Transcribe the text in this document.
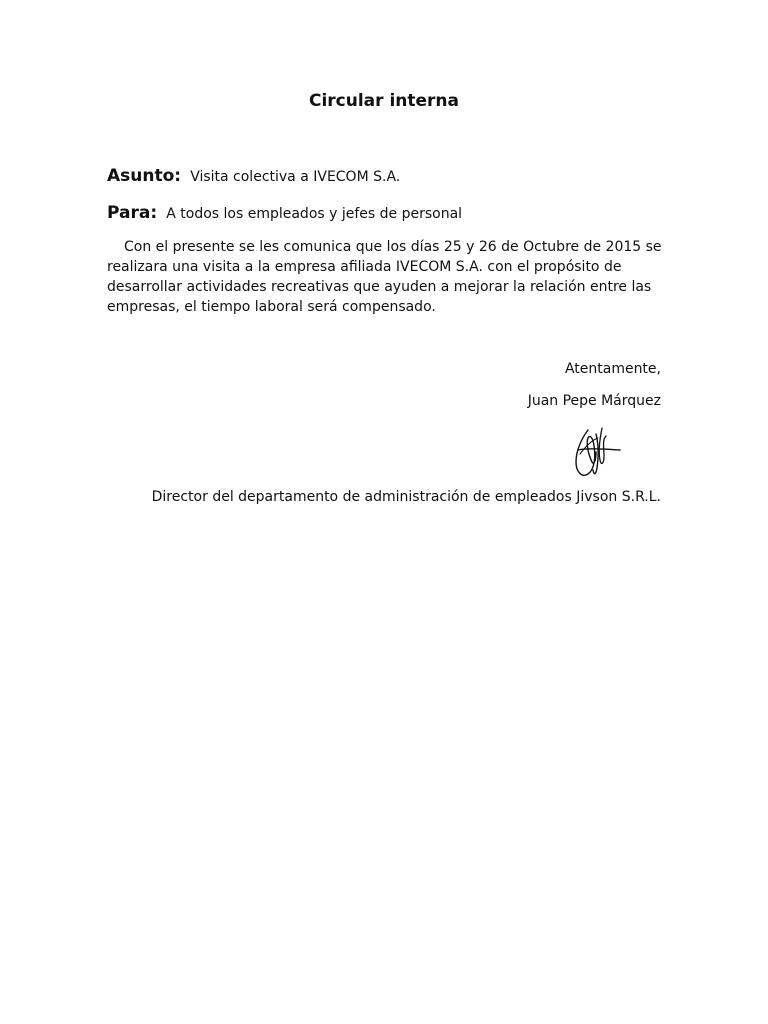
Circular interna
Asunto: Visita colectiva a IVECOM S.A.
Para: A todos los empleados y jefes de personal
Con el presente se les comunica que los días 25 y 26 de Octubre de 2015 se
realizara una visita a la empresa afiliada IVECOM S.A. con el propósito de
desarrollar actividades recreativas que ayuden a mejorar la relación entre las
empresas, el tiempo laboral será compensado.
Atentamente,
Juan Pepe Márquez
Director del departamento de administración de empleados Jivson S.R.L.
